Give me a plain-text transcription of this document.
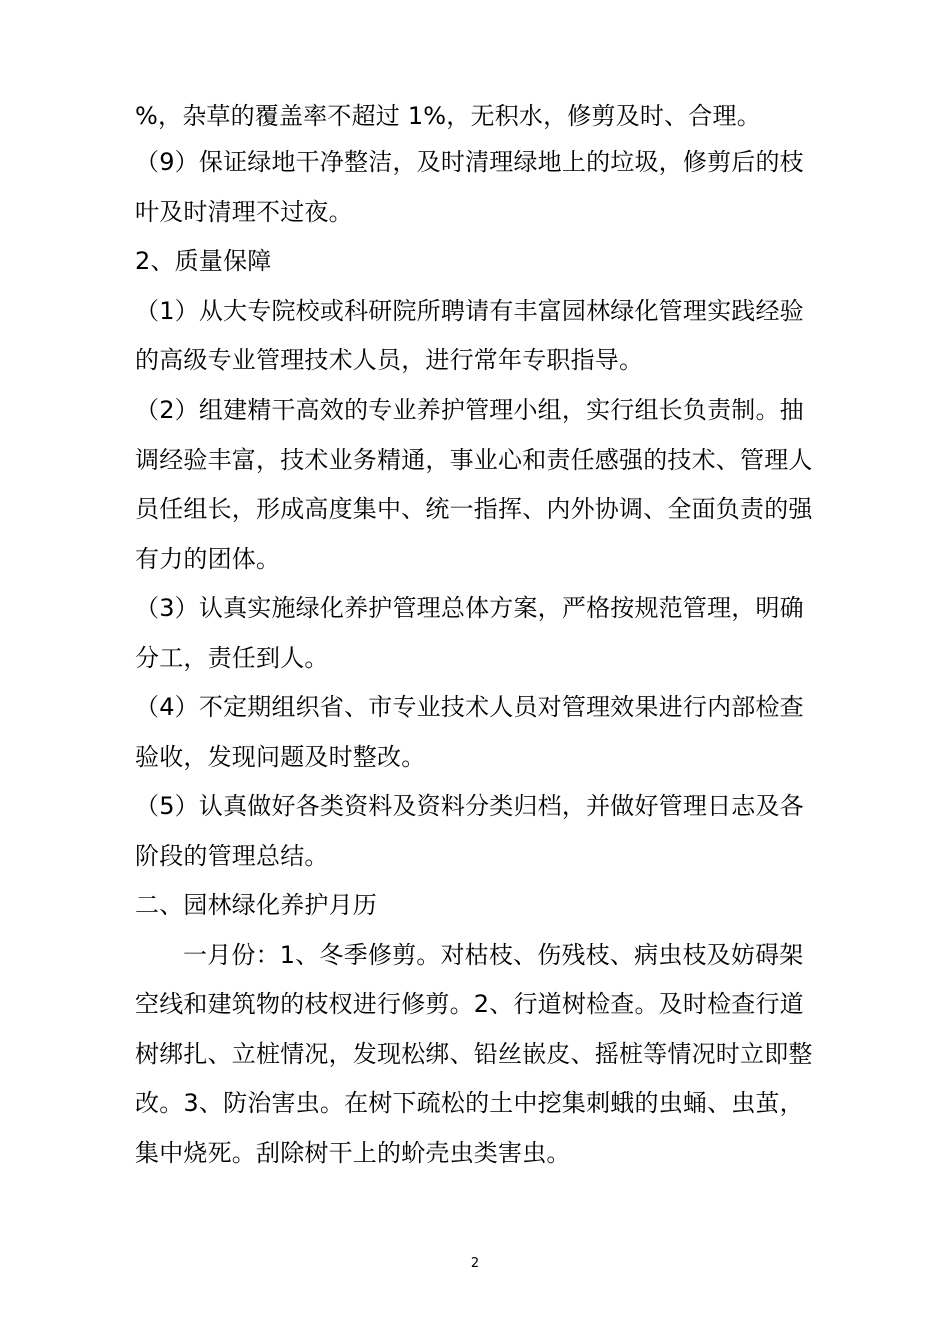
%，杂草的覆盖率不超过 1%，无积水，修剪及时、合理。
（9）保证绿地干净整洁，及时清理绿地上的垃圾，修剪后的枝
叶及时清理不过夜。
2、质量保障
（1）从大专院校或科研院所聘请有丰富园林绿化管理实践经验
的高级专业管理技术人员，进行常年专职指导。
（2）组建精干高效的专业养护管理小组，实行组长负责制。抽
调经验丰富，技术业务精通，事业心和责任感强的技术、管理人
员任组长，形成高度集中、统一指挥、内外协调、全面负责的强
有力的团体。
（3）认真实施绿化养护管理总体方案，严格按规范管理，明确
分工，责任到人。
（4）不定期组织省、市专业技术人员对管理效果进行内部检查
验收，发现问题及时整改。
（5）认真做好各类资料及资料分类归档，并做好管理日志及各
阶段的管理总结。
二、园林绿化养护月历
一月份：1、冬季修剪。对枯枝、伤残枝、病虫枝及妨碍架
空线和建筑物的枝杈进行修剪。2、行道树检查。及时检查行道
树绑扎、立桩情况，发现松绑、铅丝嵌皮、摇桩等情况时立即整
改。3、防治害虫。在树下疏松的土中挖集刺蛾的虫蛹、虫茧，
集中烧死。刮除树干上的蚧壳虫类害虫。
2
